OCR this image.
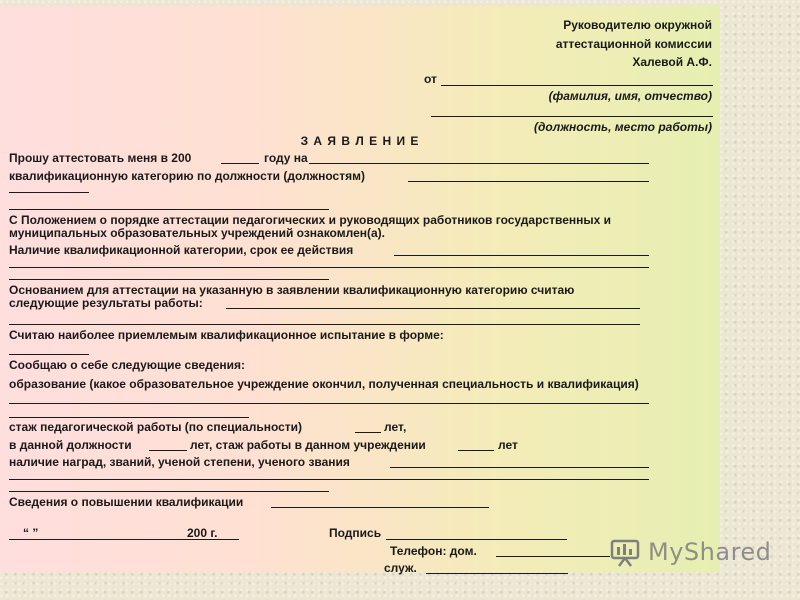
Руководителю окружной
аттестационной комиссии
Халевой А.Ф.
от
(фамилия, имя, отчество)
(должность, место работы)
З А Я В Л Е Н И Е
Прошу аттестовать меня в 200	году на
квалификационную категорию по должности (должностям)
С Положением о порядке аттестации педагогических и руководящих работников государственных и
муниципальных образовательных учреждений ознакомлен(а).
Наличие квалификационной категории, срок ее действия
Основанием для аттестации на указанную в заявлении квалификационную категорию считаю
следующие результаты работы:
Считаю наиболее приемлемым квалификационное испытание в форме:
Сообщаю о себе следующие сведения:
образование (какое образовательное учреждение окончил, полученная специальность и квалификация)
стаж педагогической работы (по специальности)	лет,
в данной должности	лет, стаж работы в данном учреждении	лет
наличие наград, званий, ученой степени, ученого звания
Сведения о повышении квалификации
“ ”	200 г.	Подпись
Телефон: дом.
служ.
MyShared
